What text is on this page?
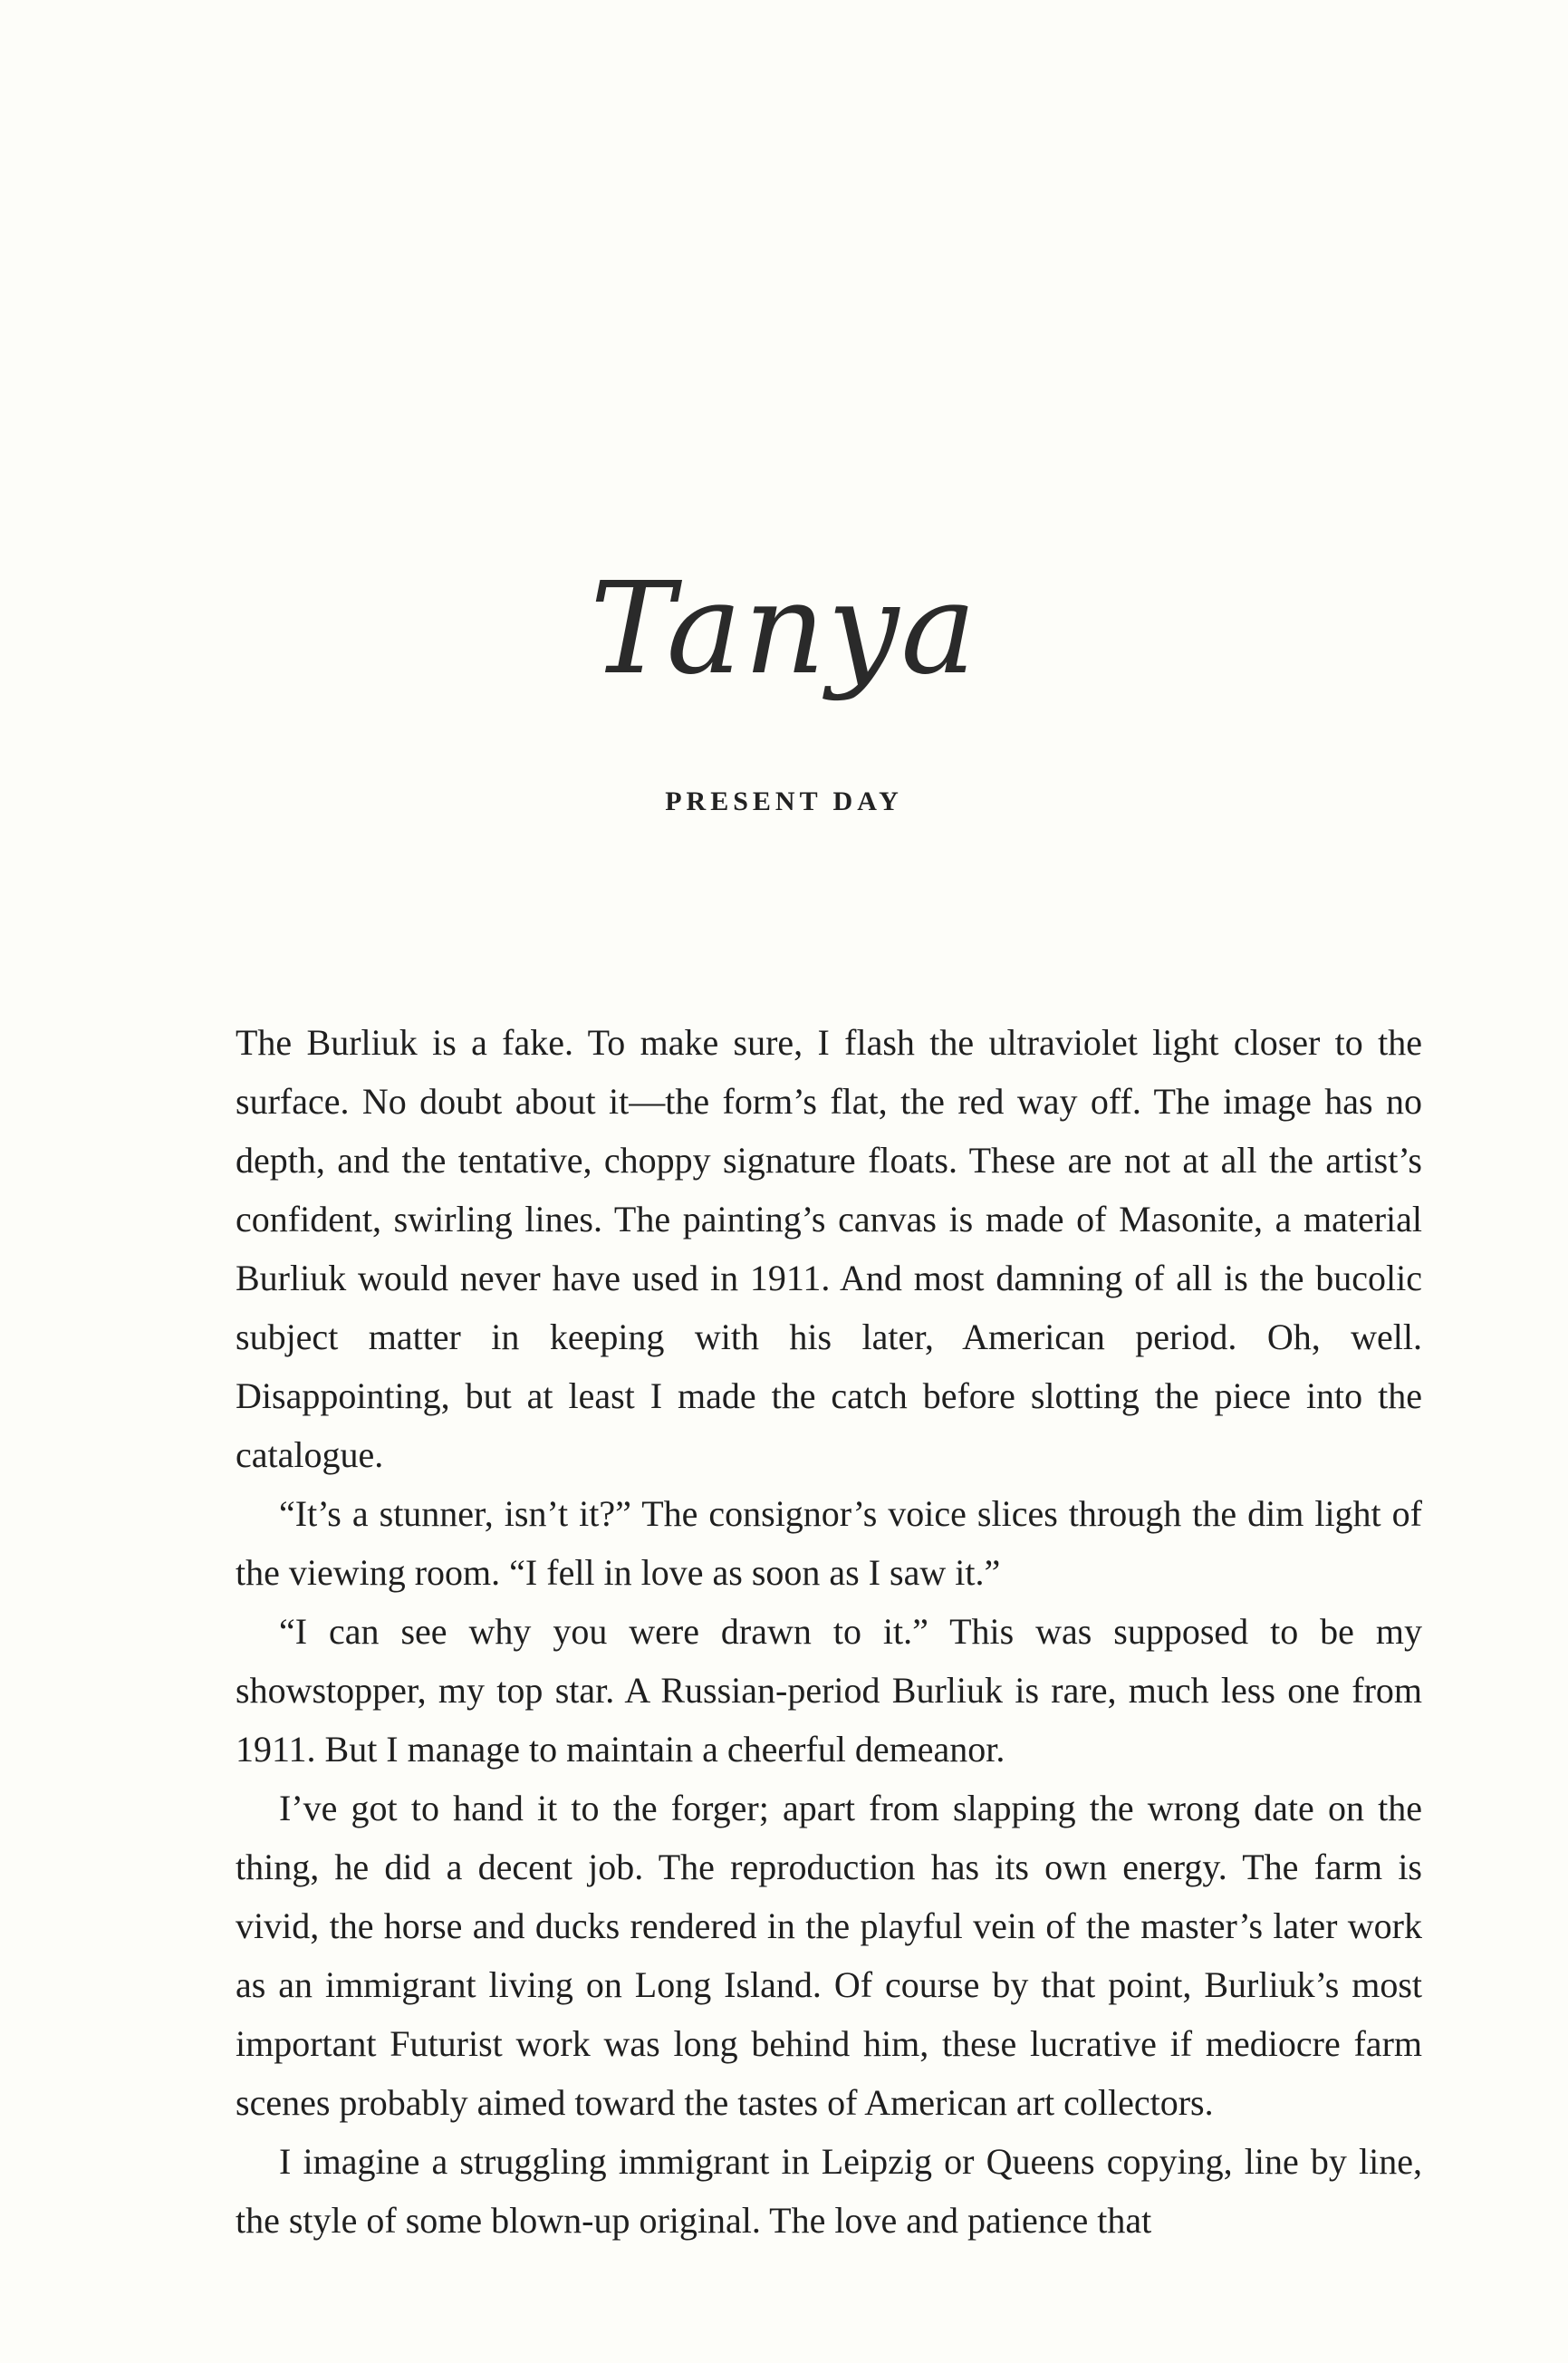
Tanya
PRESENT DAY

The Burliuk is a fake. To make sure, I flash the ultraviolet light closer to the surface. No doubt about it—the form’s flat, the red way off. The image has no depth, and the tentative, choppy signature floats. These are not at all the artist’s confident, swirling lines. The painting’s canvas is made of Masonite, a material Burliuk would never have used in 1911. And most damning of all is the bucolic subject matter in keeping with his later, American period. Oh, well. Disappointing, but at least I made the catch before slotting the piece into the catalogue.

“It’s a stunner, isn’t it?” The consignor’s voice slices through the dim light of the viewing room. “I fell in love as soon as I saw it.”

“I can see why you were drawn to it.” This was supposed to be my showstopper, my top star. A Russian-period Burliuk is rare, much less one from 1911. But I manage to maintain a cheerful demeanor.

I’ve got to hand it to the forger; apart from slapping the wrong date on the thing, he did a decent job. The reproduction has its own energy. The farm is vivid, the horse and ducks rendered in the playful vein of the master’s later work as an immigrant living on Long Island. Of course by that point, Burliuk’s most important Futurist work was long behind him, these lucrative if mediocre farm scenes probably aimed toward the tastes of American art collectors.

I imagine a struggling immigrant in Leipzig or Queens copying, line by line, the style of some blown-up original. The love and patience that
